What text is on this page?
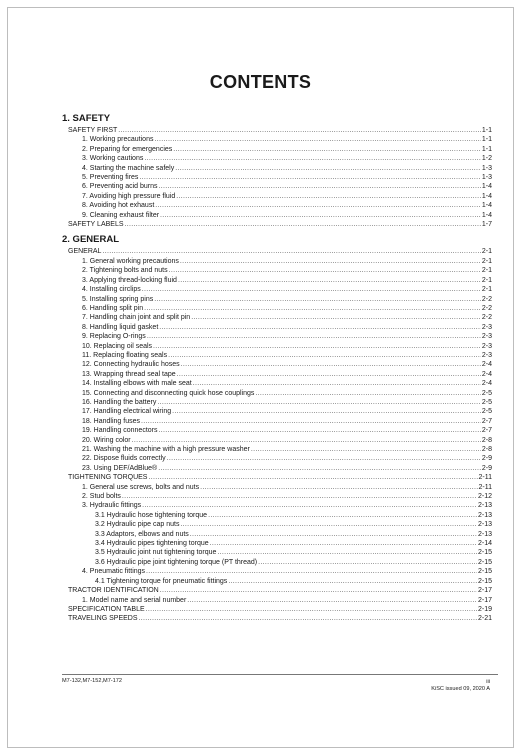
CONTENTS
1. SAFETY
SAFETY FIRST .....	1-1
1. Working precautions .....	1-1
2. Preparing for emergencies .....	1-1
3. Working cautions .....	1-2
4. Starting the machine safely .....	1-3
5. Preventing fires .....	1-3
6. Preventing acid burns .....	1-4
7. Avoiding high pressure fluid .....	1-4
8. Avoiding hot exhaust .....	1-4
9. Cleaning exhaust filter .....	1-4
SAFETY LABELS .....	1-7
2. GENERAL
GENERAL .....	2-1
1. General working precautions .....	2-1
2. Tightening bolts and nuts .....	2-1
3. Applying thread-locking fluid .....	2-1
4. Installing circlips .....	2-1
5. Installing spring pins .....	2-2
6. Handling split pin .....	2-2
7. Handling chain joint and split pin .....	2-2
8. Handling liquid gasket .....	2-3
9. Replacing O-rings .....	2-3
10. Replacing oil seals .....	2-3
11. Replacing floating seals .....	2-3
12. Connecting hydraulic hoses .....	2-4
13. Wrapping thread seal tape .....	2-4
14. Installing elbows with male seat .....	2-4
15. Connecting and disconnecting quick hose couplings .....	2-5
16. Handling the battery .....	2-5
17. Handling electrical wiring .....	2-5
18. Handling fuses .....	2-7
19. Handling connectors .....	2-7
20. Wiring color .....	2-8
21. Washing the machine with a high pressure washer .....	2-8
22. Dispose fluids correctly .....	2-9
23. Using DEF/AdBlue® .....	2-9
TIGHTENING TORQUES .....	2-11
1. General use screws, bolts and nuts .....	2-11
2. Stud bolts .....	2-12
3. Hydraulic fittings .....	2-13
3.1 Hydraulic hose tightening torque .....	2-13
3.2 Hydraulic pipe cap nuts .....	2-13
3.3 Adaptors, elbows and nuts .....	2-13
3.4 Hydraulic pipes tightening torque .....	2-14
3.5 Hydraulic joint nut tightening torque .....	2-15
3.6 Hydraulic pipe joint tightening torque (PT thread) .....	2-15
4. Pneumatic fittings .....	2-15
4.1 Tightening torque for pneumatic fittings .....	2-15
TRACTOR IDENTIFICATION .....	2-17
1. Model name and serial number .....	2-17
SPECIFICATION TABLE .....	2-19
TRAVELING SPEEDS .....	2-21
M7-132,M7-152,M7-172	iii
KiSC issued 09, 2020 A
